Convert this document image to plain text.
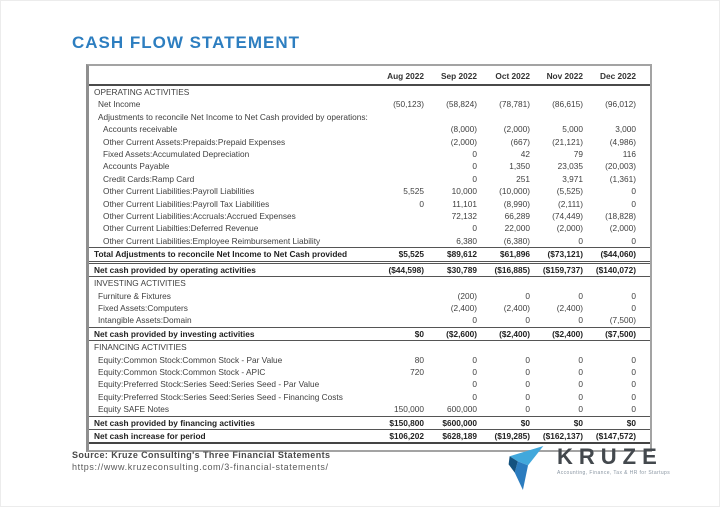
CASH FLOW STATEMENT
	Aug 2022	Sep 2022	Oct 2022	Nov 2022	Dec 2022
OPERATING ACTIVITIES					
Net Income	(50,123)	(58,824)	(78,781)	(86,615)	(96,012)
Adjustments to reconcile Net Income to Net Cash provided by operations:					
Accounts receivable		(8,000)	(2,000)	5,000	3,000
Other Current Assets:Prepaids:Prepaid Expenses		(2,000)	(667)	(21,121)	(4,986)
Fixed Assets:Accumulated Depreciation		0	42	79	116
Accounts Payable		0	1,350	23,035	(20,003)
Credit Cards:Ramp Card		0	251	3,971	(1,361)
Other Current Liabilities:Payroll Liabilities	5,525	10,000	(10,000)	(5,525)	0
Other Current Liabilities:Payroll Tax Liabilities	0	11,101	(8,990)	(2,111)	0
Other Current Liabilities:Accruals:Accrued Expenses		72,132	66,289	(74,449)	(18,828)
Other Current Liabilties:Deferred Revenue		0	22,000	(2,000)	(2,000)
Other Current Liabilities:Employee Reimbursement Liability		6,380	(6,380)	0	0
Total Adjustments to reconcile Net Income to Net Cash provided	$5,525	$89,612	$61,896	($73,121)	($44,060)
Net cash provided by operating activities	($44,598)	$30,789	($16,885)	($159,737)	($140,072)
INVESTING ACTIVITIES					
Furniture & Fixtures		(200)	0	0	0
Fixed Assets:Computers		(2,400)	(2,400)	(2,400)	0
Intangible Assets:Domain		0	0	0	(7,500)
Net cash provided by investing activities	$0	($2,600)	($2,400)	($2,400)	($7,500)
FINANCING ACTIVITIES					
Equity:Common Stock:Common Stock - Par Value	80	0	0	0	0
Equity:Common Stock:Common Stock - APIC	720	0	0	0	0
Equity:Preferred Stock:Series Seed:Series Seed - Par Value		0	0	0	0
Equity:Preferred Stock:Series Seed:Series Seed - Financing Costs		0	0	0	0
Equity SAFE Notes	150,000	600,000	0	0	0
Net cash provided by financing activities	$150,800	$600,000	$0	$0	$0
Net cash increase for period	$106,202	$628,189	($19,285)	($162,137)	($147,572)
Source: Kruze Consulting's Three Financial Statements
https://www.kruzeconsulting.com/3-financial-statements/	KRUZE
Accounting, Finance, Tax & HR for Startups
